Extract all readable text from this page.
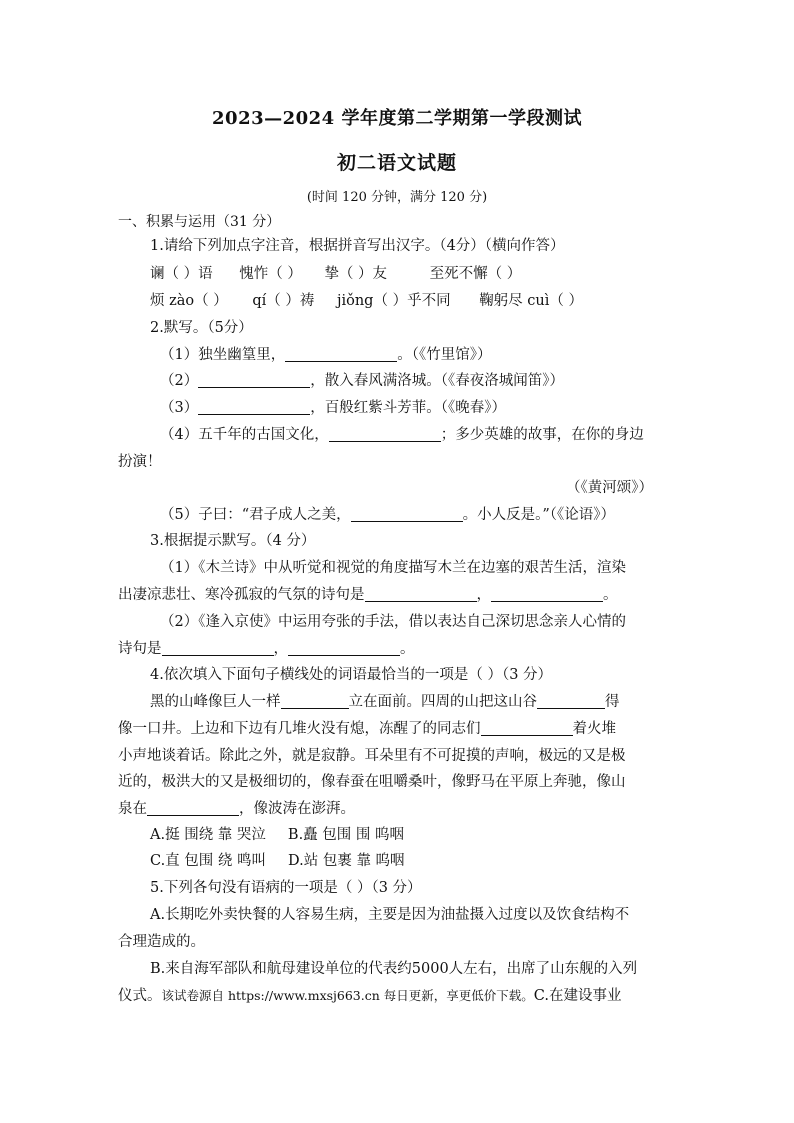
2023—2024 学年度第二学期第一学段测试
初二语文试题
(时间 120 分钟，满分 120 分)
一、积累与运用（31 分）
1.请给下列加点字注音，根据拼音写出汉字。（4分）（横向作答）
谰（ ）语 愧怍（ ） 挚（ ）友	至死不懈（ ）
烦 zào（ ） qí（ ）祷 jiǒng（ ）乎不同 鞠躬尽 cuì（ ）
2.默写。（5分）
（1）独坐幽篁里，	。（《竹里馆》）
（2）	，散入春风满洛城。（《春夜洛城闻笛》）
（3）	，百般红紫斗芳菲。（《晚春》）
（4）五千年的古国文化，	；多少英雄的故事，在你的身边
扮演！
（《黄河颂》）
（5）子曰：“君子成人之美，	。小人反是。”（《论语》）
3.根据提示默写。（4 分）
（1）《木兰诗》中从听觉和视觉的角度描写木兰在边塞的艰苦生活，渲染
出凄凉悲壮、寒冷孤寂的气氛的诗句是	，	。
（2）《逢入京使》中运用夸张的手法，借以表达自己深切思念亲人心情的
诗句是	，	。
4.依次填入下面句子横线处的词语最恰当的一项是（ ）（3 分）
黑的山峰像巨人一样	立在面前。四周的山把这山谷	得
像一口井。上边和下边有几堆火没有熄，冻醒了的同志们	着火堆
小声地谈着话。除此之外，就是寂静。耳朵里有不可捉摸的声响，极远的又是极
近的，极洪大的又是极细切的，像春蚕在咀嚼桑叶，像野马在平原上奔驰，像山
泉在	，像波涛在澎湃。
A.挺 围绕 靠 哭泣 B.矗 包围 围 呜咽
C.直 包围 绕 鸣叫 D.站 包裹 靠 呜咽
5.下列各句没有语病的一项是（ ）（3 分）
A.长期吃外卖快餐的人容易生病，主要是因为油盐摄入过度以及饮食结构不
合理造成的。
B.来自海军部队和航母建设单位的代表约5000人左右，出席了山东舰的入列
仪式。该试卷源自 https://www.mxsj663.cn 每日更新，享更低价下载。C.在建设事业
